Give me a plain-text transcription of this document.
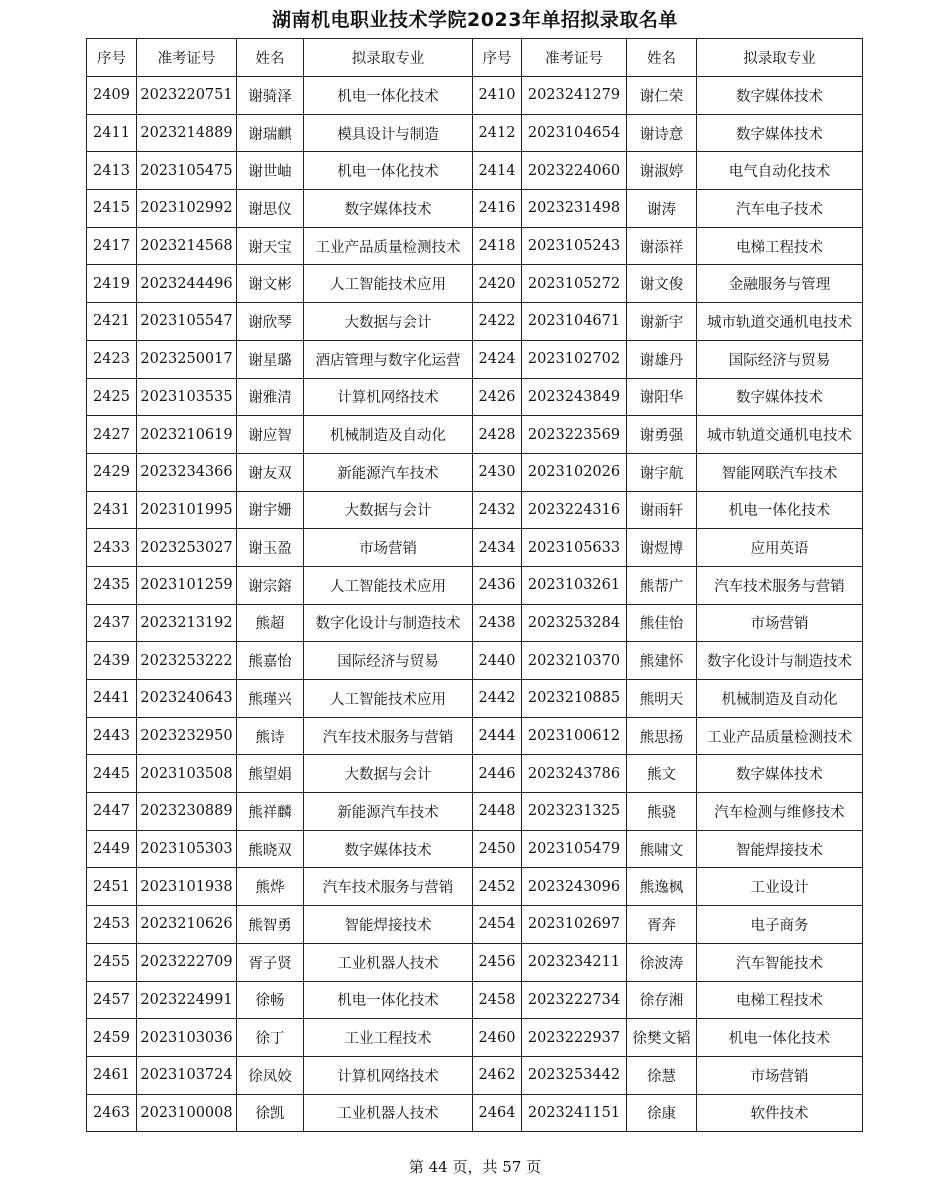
湖南机电职业技术学院2023年单招拟录取名单
序号	准考证号	姓名	拟录取专业	序号	准考证号	姓名	拟录取专业
2409	2023220751	谢骑泽	机电一体化技术	2410	2023241279	谢仁荣	数字媒体技术
2411	2023214889	谢瑞麒	模具设计与制造	2412	2023104654	谢诗意	数字媒体技术
2413	2023105475	谢世岫	机电一体化技术	2414	2023224060	谢淑婷	电气自动化技术
2415	2023102992	谢思仪	数字媒体技术	2416	2023231498	谢涛	汽车电子技术
2417	2023214568	谢天宝	工业产品质量检测技术	2418	2023105243	谢添祥	电梯工程技术
2419	2023244496	谢文彬	人工智能技术应用	2420	2023105272	谢文俊	金融服务与管理
2421	2023105547	谢欣琴	大数据与会计	2422	2023104671	谢新宇	城市轨道交通机电技术
2423	2023250017	谢星璐	酒店管理与数字化运营	2424	2023102702	谢雄丹	国际经济与贸易
2425	2023103535	谢雅清	计算机网络技术	2426	2023243849	谢阳华	数字媒体技术
2427	2023210619	谢应智	机械制造及自动化	2428	2023223569	谢勇强	城市轨道交通机电技术
2429	2023234366	谢友双	新能源汽车技术	2430	2023102026	谢宇航	智能网联汽车技术
2431	2023101995	谢宇姗	大数据与会计	2432	2023224316	谢雨轩	机电一体化技术
2433	2023253027	谢玉盈	市场营销	2434	2023105633	谢煜博	应用英语
2435	2023101259	谢宗鎔	人工智能技术应用	2436	2023103261	熊帮广	汽车技术服务与营销
2437	2023213192	熊超	数字化设计与制造技术	2438	2023253284	熊佳怡	市场营销
2439	2023253222	熊嘉怡	国际经济与贸易	2440	2023210370	熊建怀	数字化设计与制造技术
2441	2023240643	熊瑾兴	人工智能技术应用	2442	2023210885	熊明天	机械制造及自动化
2443	2023232950	熊诗	汽车技术服务与营销	2444	2023100612	熊思扬	工业产品质量检测技术
2445	2023103508	熊望娟	大数据与会计	2446	2023243786	熊文	数字媒体技术
2447	2023230889	熊祥麟	新能源汽车技术	2448	2023231325	熊骁	汽车检测与维修技术
2449	2023105303	熊晓双	数字媒体技术	2450	2023105479	熊啸文	智能焊接技术
2451	2023101938	熊烨	汽车技术服务与营销	2452	2023243096	熊逸枫	工业设计
2453	2023210626	熊智勇	智能焊接技术	2454	2023102697	胥奔	电子商务
2455	2023222709	胥子贤	工业机器人技术	2456	2023234211	徐波涛	汽车智能技术
2457	2023224991	徐畅	机电一体化技术	2458	2023222734	徐存湘	电梯工程技术
2459	2023103036	徐丁	工业工程技术	2460	2023222937	徐樊文韬	机电一体化技术
2461	2023103724	徐凤姣	计算机网络技术	2462	2023253442	徐慧	市场营销
2463	2023100008	徐凯	工业机器人技术	2464	2023241151	徐康	软件技术
第 44 页，共 57 页
